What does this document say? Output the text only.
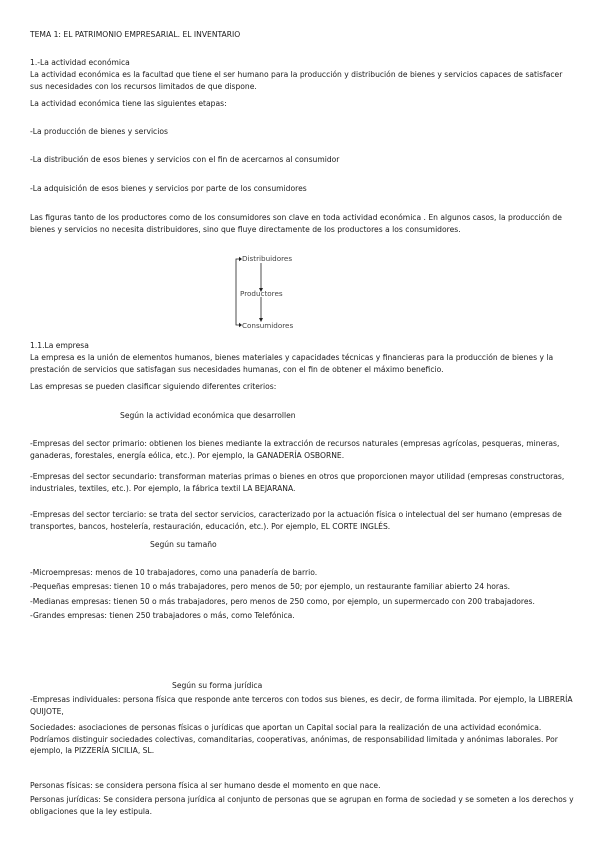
TEMA 1: EL PATRIMONIO EMPRESARIAL. EL INVENTARIO
1.-La actividad económica
La actividad económica es la facultad que tiene el ser humano para la producción y distribución de bienes y servicios capaces de satisfacer sus necesidades con los recursos limitados de que dispone.
La actividad económica tiene las siguientes etapas:
-La producción de bienes y servicios
-La distribución de esos bienes y servicios con el fin de acercarnos al consumidor
-La adquisición de esos bienes y servicios por parte de los consumidores
Las figuras tanto de los productores como de los consumidores son clave en toda actividad económica . En algunos casos, la producción de bienes y servicios no necesita distribuidores, sino que fluye directamente de los productores a los consumidores.
Distribuidores
Productores
Consumidores
1.1.La empresa
La empresa es la unión de elementos humanos, bienes materiales y capacidades técnicas y financieras para la producción de bienes y la prestación de servicios que satisfagan sus necesidades humanas, con el fin de obtener el máximo beneficio.
Las empresas se pueden clasificar siguiendo diferentes criterios:
Según la actividad económica que desarrollen
-Empresas del sector primario: obtienen los bienes mediante la extracción de recursos naturales (empresas agrícolas, pesqueras, mineras, ganaderas, forestales, energía eólica, etc.). Por ejemplo, la GANADERÍA OSBORNE.
-Empresas del sector secundario: transforman materias primas o bienes en otros que proporcionen mayor utilidad (empresas constructoras, industriales, textiles, etc.). Por ejemplo, la fábrica textil LA BEJARANA.
-Empresas del sector terciario: se trata del sector servicios, caracterizado por la actuación física o intelectual del ser humano (empresas de transportes, bancos, hostelería, restauración, educación, etc.). Por ejemplo, EL CORTE INGLÉS.
Según su tamaño
-Microempresas: menos de 10 trabajadores, como una panadería de barrio.
-Pequeñas empresas: tienen 10 o más trabajadores, pero menos de 50; por ejemplo, un restaurante familiar abierto 24 horas.
-Medianas empresas: tienen 50 o más trabajadores, pero menos de 250 como, por ejemplo, un supermercado con 200 trabajadores.
-Grandes empresas: tienen 250 trabajadores o más, como Telefónica.
Según su forma jurídica
-Empresas individuales: persona física que responde ante terceros con todos sus bienes, es decir, de forma ilimitada. Por ejemplo, la LIBRERÍA QUIJOTE,
Sociedades: asociaciones de personas físicas o jurídicas que aportan un Capital social para la realización de una actividad económica. Podríamos distinguir sociedades colectivas, comanditarias, cooperativas, anónimas, de responsabilidad limitada y anónimas laborales. Por ejemplo, la PIZZERÍA SICILIA, SL.
Personas físicas: se considera persona física al ser humano desde el momento en que nace.
Personas jurídicas: Se considera persona jurídica al conjunto de personas que se agrupan en forma de sociedad y se someten a los derechos y obligaciones que la ley estipula.
